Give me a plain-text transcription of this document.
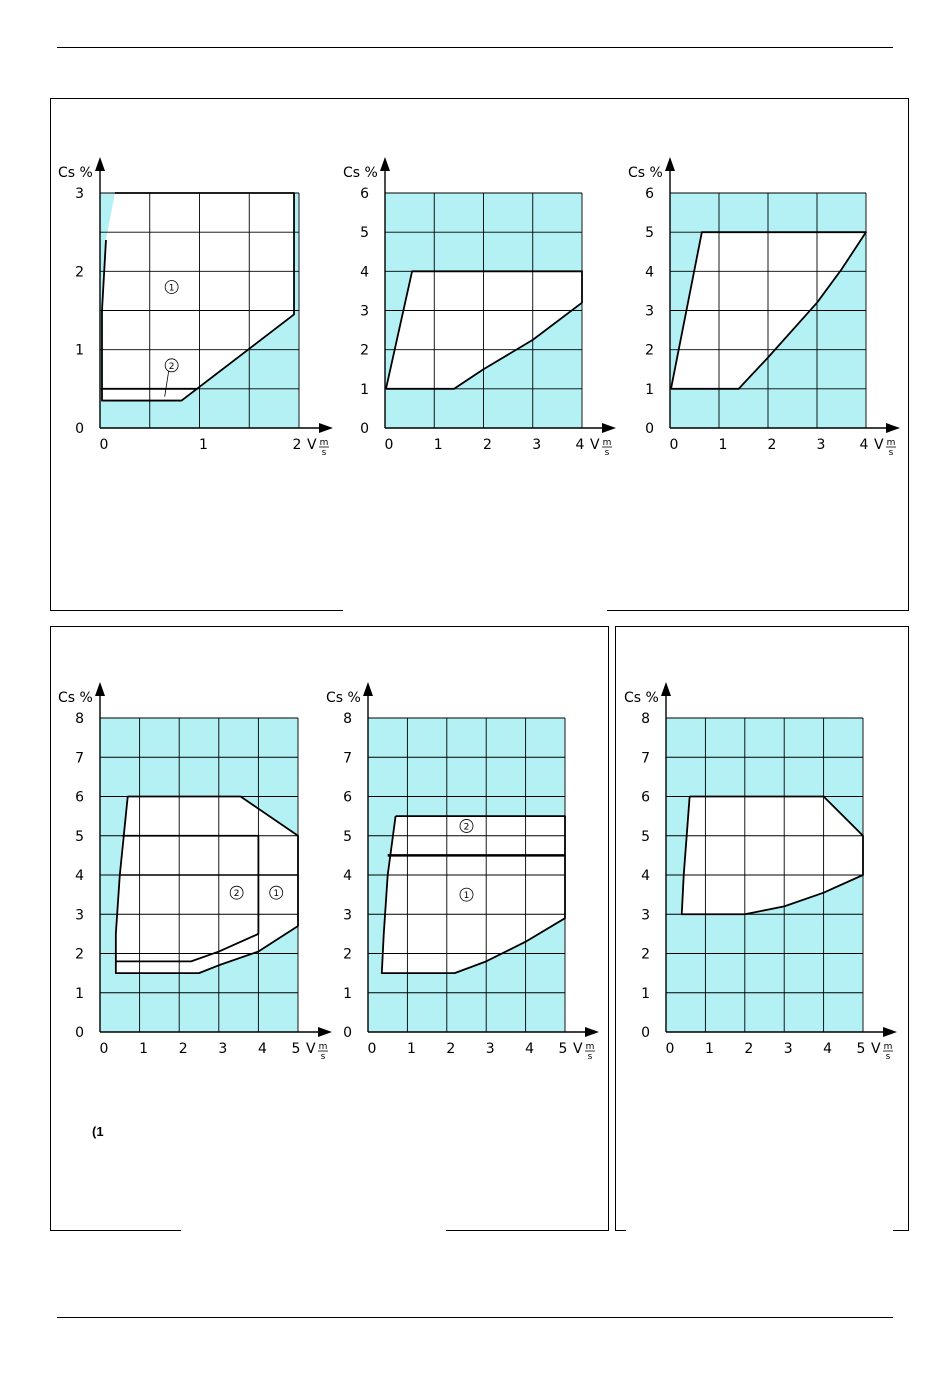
(1
0
1
2
3
0	1	2
Cs %
V m
s
1
2
0
1
2
3
4
5
6
0	1	2	3 4
Cs %
V m
s
0
1
2
3
4
5
6
0	1	2	3 4
Cs %
V m
s
0
1
2
3
4
5
6
7
8
0 1 2 3 4 5
Cs %
V m
s
2	1
0
1
2
3
4
5
6
7
8
0 1 2 3 4 5
Cs %
V m
s
2
1
0
1
2
3
4
5
6
7
8
0 1 2 3 4 5
Cs %
V m
s
